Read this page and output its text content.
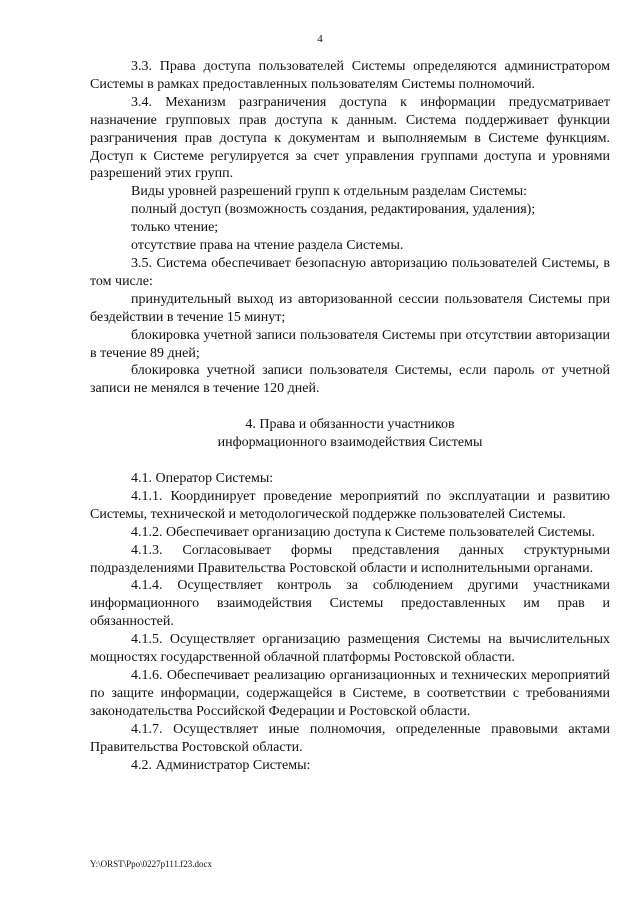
4

3.3. Права доступа пользователей Системы определяются администратором Системы в рамках предоставленных пользователям Системы полномочий.

3.4. Механизм разграничения доступа к информации предусматривает назначение групповых прав доступа к данным. Система поддерживает функции разграничения прав доступа к документам и выполняемым в Системе функциям. Доступ к Системе регулируется за счет управления группами доступа и уровнями разрешений этих групп.

Виды уровней разрешений групп к отдельным разделам Системы:

полный доступ (возможность создания, редактирования, удаления);

только чтение;

отсутствие права на чтение раздела Системы.

3.5. Система обеспечивает безопасную авторизацию пользователей Системы, в том числе:

принудительный выход из авторизованной сессии пользователя Системы при бездействии в течение 15 минут;

блокировка учетной записи пользователя Системы при отсутствии авторизации в течение 89 дней;

блокировка учетной записи пользователя Системы, если пароль от учетной записи не менялся в течение 120 дней.

4. Права и обязанности участников

информационного взаимодействия Системы

4.1. Оператор Системы:

4.1.1. Координирует проведение мероприятий по эксплуатации и развитию Системы, технической и методологической поддержке пользователей Системы.

4.1.2. Обеспечивает организацию доступа к Системе пользователей Системы.

4.1.3. Согласовывает формы представления данных структурными подразделениями Правительства Ростовской области и исполнительными органами.

4.1.4. Осуществляет контроль за соблюдением другими участниками информационного взаимодействия Системы предоставленных им прав и обязанностей.

4.1.5. Осуществляет организацию размещения Системы на вычислительных мощностях государственной облачной платформы Ростовской области.

4.1.6. Обеспечивает реализацию организационных и технических мероприятий по защите информации, содержащейся в Системе, в соответствии с требованиями законодательства Российской Федерации и Ростовской области.

4.1.7. Осуществляет иные полномочия, определенные правовыми актами Правительства Ростовской области.

4.2. Администратор Системы:

Y:\ORST\Ppo\0227p111.f23.docx
